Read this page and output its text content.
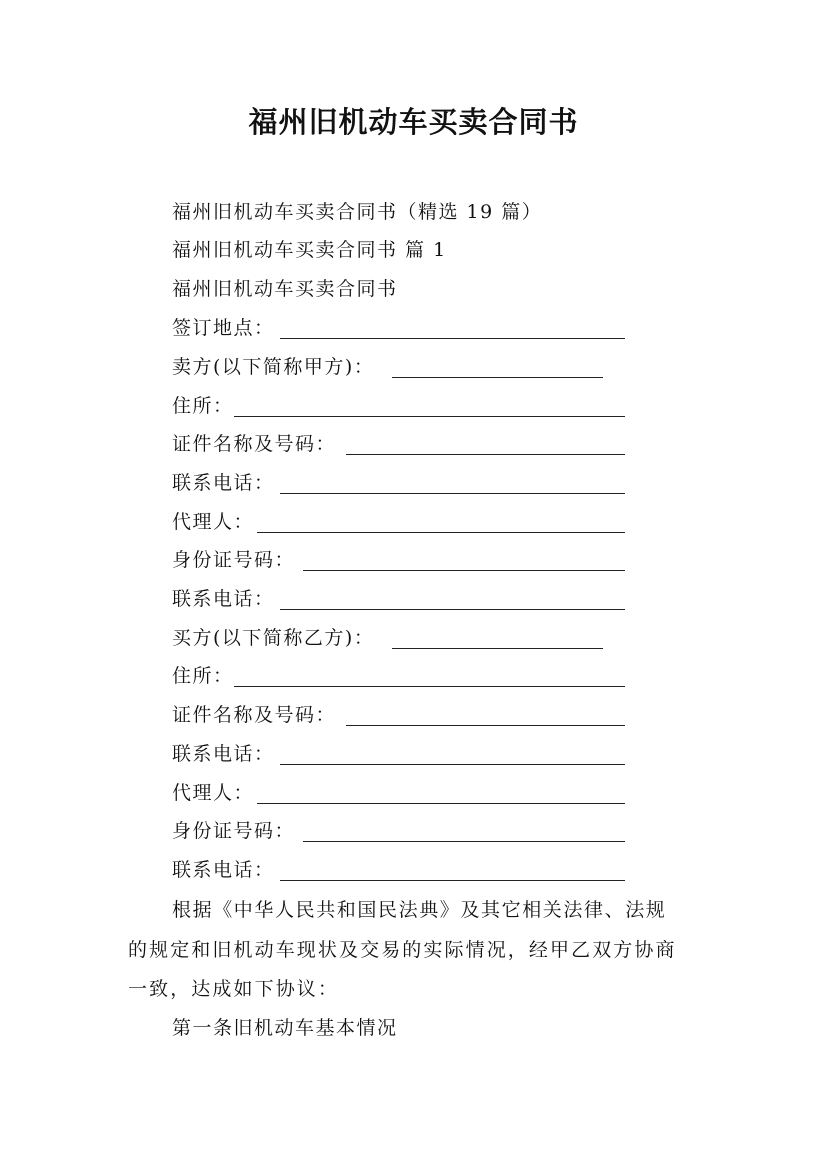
福州旧机动车买卖合同书
福州旧机动车买卖合同书（精选 19 篇）
福州旧机动车买卖合同书 篇 1
福州旧机动车买卖合同书
签订地点：
卖方(以下简称甲方)：
住所：
证件名称及号码：
联系电话：
代理人：
身份证号码：
联系电话：
买方(以下简称乙方)：
住所：
证件名称及号码：
联系电话：
代理人：
身份证号码：
联系电话：
根据《中华人民共和国民法典》及其它相关法律、法规
的规定和旧机动车现状及交易的实际情况，经甲乙双方协商
一致，达成如下协议：
第一条旧机动车基本情况
